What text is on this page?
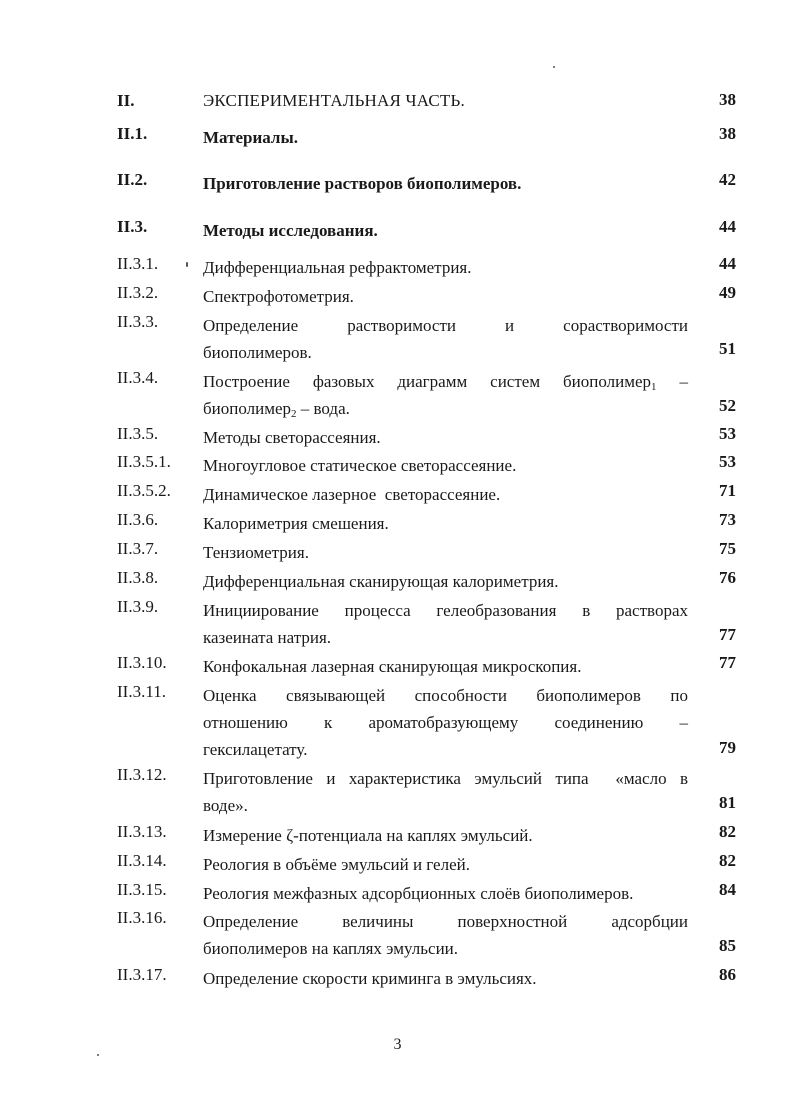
II.	ЭКСПЕРИМЕНТАЛЬНАЯ ЧАСТЬ.	38
II.1.	Материалы.	38
II.2.	Приготовление растворов биополимеров.	42
II.3.	Методы исследования.	44
II.3.1.	Дифференциальная рефрактометрия.	44
II.3.2.	Спектрофотометрия.	49
II.3.3.	Определение растворимости и сорастворимости
биополимеров.	51
II.3.4.	Построение фазовых диаграмм систем биополимер$_1$ –
биополимер$_2$ – вода.	52
II.3.5.	Методы светорассеяния.	53
II.3.5.1. Многоугловое статическое светорассеяние.	53
II.3.5.2. Динамическое лазерное  светорассеяние.	71
II.3.6.	Калориметрия смешения.	73
II.3.7.	Тензиометрия.	75
II.3.8.	Дифференциальная сканирующая калориметрия.	76
II.3.9.	Инициирование процесса гелеобразования в растворах
казеината натрия.	77
II.3.10. Конфокальная лазерная сканирующая микроскопия.	77
II.3.11. Оценка связывающей способности биополимеров по
отношению к ароматобразующему соединению –
гексилацетату.	79
II.3.12. Приготовление и характеристика эмульсий типа  «масло в
воде».	81
II.3.13. Измерение ζ-потенциала на каплях эмульсий.	82
II.3.14. Реология в объёме эмульсий и гелей.	82
II.3.15. Реология межфазных адсорбционных слоёв биополимеров.	84
II.3.16. Определение величины поверхностной адсорбции
биополимеров на каплях эмульсии.	85
II.3.17. Определение скорости криминга в эмульсиях.	86
3
